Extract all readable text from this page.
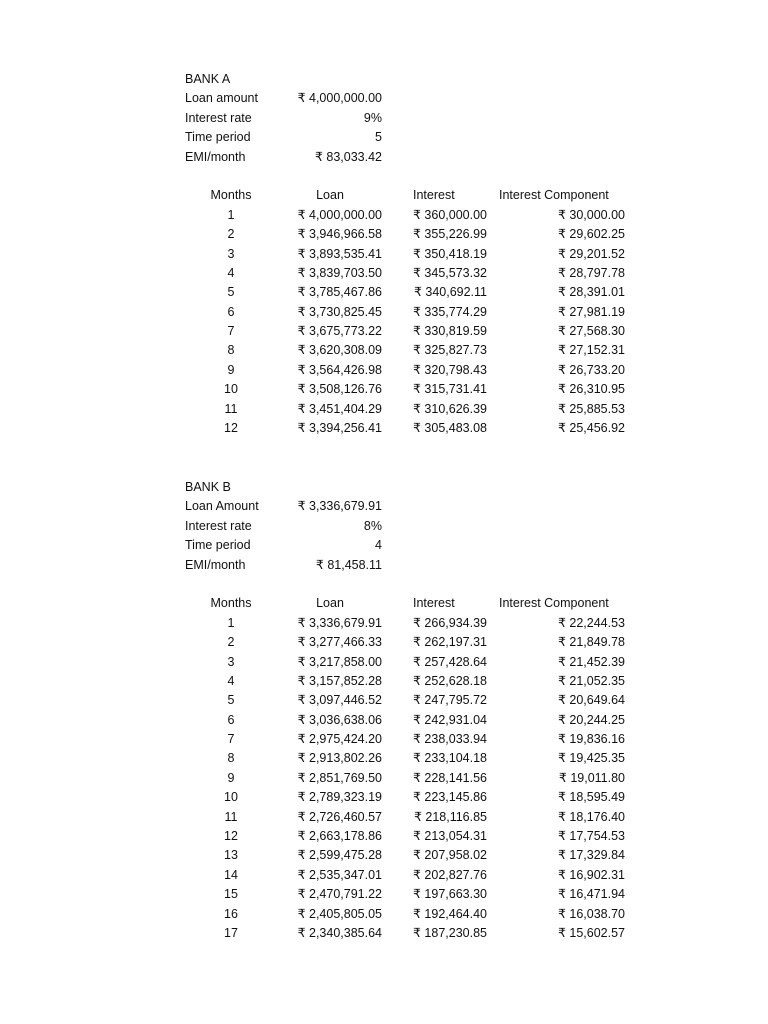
BANK A
Loan amount	₹ 4,000,000.00
Interest rate	9%
Time period	5
EMI/month	₹ 83,033.42
Months	Loan	Interest	Interest Component
1	₹ 4,000,000.00	₹ 360,000.00	₹ 30,000.00
2	₹ 3,946,966.58	₹ 355,226.99	₹ 29,602.25
3	₹ 3,893,535.41	₹ 350,418.19	₹ 29,201.52
4	₹ 3,839,703.50	₹ 345,573.32	₹ 28,797.78
5	₹ 3,785,467.86	₹ 340,692.11	₹ 28,391.01
6	₹ 3,730,825.45	₹ 335,774.29	₹ 27,981.19
7	₹ 3,675,773.22	₹ 330,819.59	₹ 27,568.30
8	₹ 3,620,308.09	₹ 325,827.73	₹ 27,152.31
9	₹ 3,564,426.98	₹ 320,798.43	₹ 26,733.20
10	₹ 3,508,126.76	₹ 315,731.41	₹ 26,310.95
11	₹ 3,451,404.29	₹ 310,626.39	₹ 25,885.53
12	₹ 3,394,256.41	₹ 305,483.08	₹ 25,456.92
BANK B
Loan Amount	₹ 3,336,679.91
Interest rate	8%
Time period	4
EMI/month	₹ 81,458.11
Months	Loan	Interest	Interest Component
1	₹ 3,336,679.91	₹ 266,934.39	₹ 22,244.53
2	₹ 3,277,466.33	₹ 262,197.31	₹ 21,849.78
3	₹ 3,217,858.00	₹ 257,428.64	₹ 21,452.39
4	₹ 3,157,852.28	₹ 252,628.18	₹ 21,052.35
5	₹ 3,097,446.52	₹ 247,795.72	₹ 20,649.64
6	₹ 3,036,638.06	₹ 242,931.04	₹ 20,244.25
7	₹ 2,975,424.20	₹ 238,033.94	₹ 19,836.16
8	₹ 2,913,802.26	₹ 233,104.18	₹ 19,425.35
9	₹ 2,851,769.50	₹ 228,141.56	₹ 19,011.80
10	₹ 2,789,323.19	₹ 223,145.86	₹ 18,595.49
11	₹ 2,726,460.57	₹ 218,116.85	₹ 18,176.40
12	₹ 2,663,178.86	₹ 213,054.31	₹ 17,754.53
13	₹ 2,599,475.28	₹ 207,958.02	₹ 17,329.84
14	₹ 2,535,347.01	₹ 202,827.76	₹ 16,902.31
15	₹ 2,470,791.22	₹ 197,663.30	₹ 16,471.94
16	₹ 2,405,805.05	₹ 192,464.40	₹ 16,038.70
17	₹ 2,340,385.64	₹ 187,230.85	₹ 15,602.57
